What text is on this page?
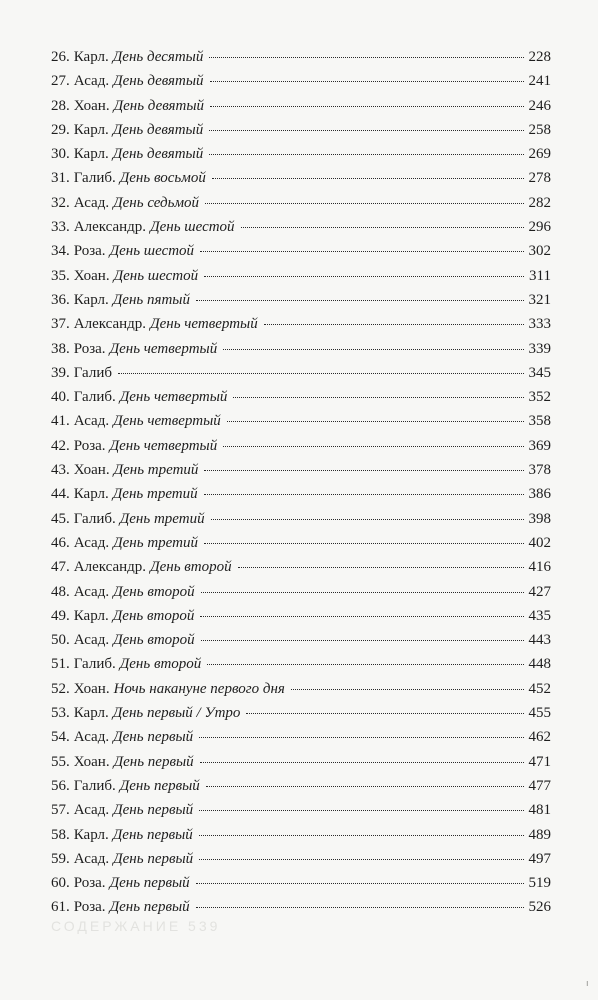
26. Карл. День десятый	228
27. Асад. День девятый	241
28. Хоан. День девятый	246
29. Карл. День девятый	258
30. Карл. День девятый	269
31. Галиб. День восьмой	278
32. Асад. День седьмой	282
33. Александр. День шестой	296
34. Роза. День шестой	302
35. Хоан. День шестой	311
36. Карл. День пятый	321
37. Александр. День четвертый	333
38. Роза. День четвертый	339
39. Галиб	345
40. Галиб. День четвертый	352
41. Асад. День четвертый	358
42. Роза. День четвертый	369
43. Хоан. День третий	378
44. Карл. День третий	386
45. Галиб. День третий	398
46. Асад. День третий	402
47. Александр. День второй	416
48. Асад. День второй	427
49. Карл. День второй	435
50. Асад. День второй	443
51. Галиб. День второй	448
52. Хоан. Ночь накануне первого дня	452
53. Карл. День первый / Утро	455
54. Асад. День первый	462
55. Хоан. День первый	471
56. Галиб. День первый	477
57. Асад. День первый	481
58. Карл. День первый	489
59. Асад. День первый	497
60. Роза. День первый	519
61. Роза. День первый	526
СОДЕРЖАНИЕ 539
ı
